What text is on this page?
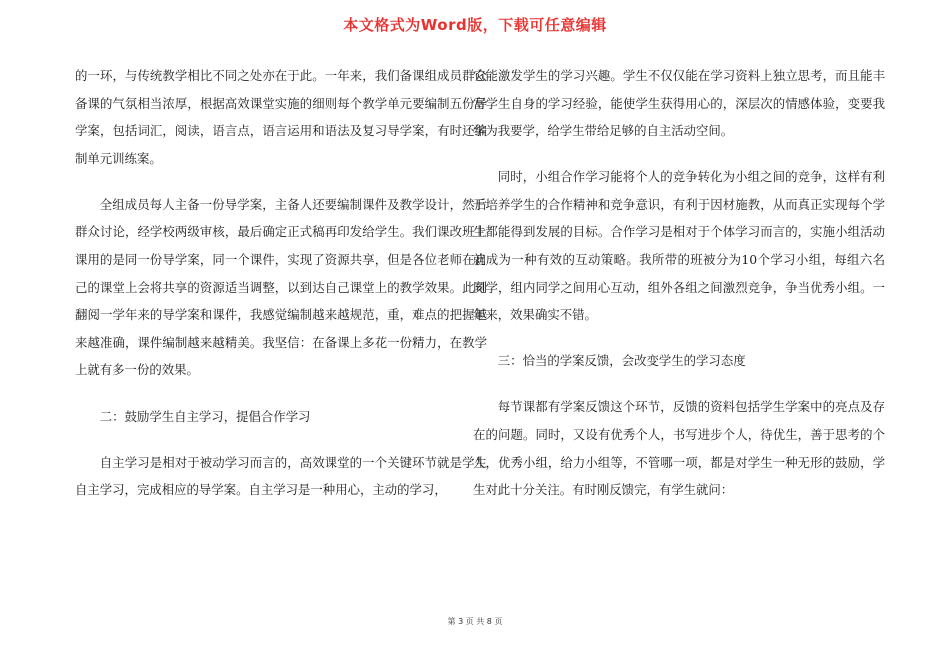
本文格式为Word版，下载可任意编辑

的一环，与传统教学相比不同之处亦在于此。一年来，我们备课组成员群众备课的气氛相当浓厚，根据高效课堂实施的细则每个教学单元要编制五份导学案，包括词汇，阅读，语言点，语言运用和语法及复习导学案，有时还编制单元训练案。

全组成员每人主备一份导学案，主备人还要编制课件及教学设计，然后群众讨论，经学校两级审核，最后确定正式稿再印发给学生。我们课改班上课用的是同一份导学案，同一个课件，实现了资源共享，但是各位老师在自己的课堂上会将共享的资源适当调整，以到达自己课堂上的教学效果。此刻翻阅一学年来的导学案和课件，我感觉编制越来越规范，重，难点的把握越来越准确，课件编制越来越精美。我坚信：在备课上多花一份精力，在教学上就有多一份的效果。

二：鼓励学生自主学习，提倡合作学习

自主学习是相对于被动学习而言的，高效课堂的一个关键环节就是学生自主学习，完成相应的导学案。自主学习是一种用心，主动的学习，

它能激发学生的学习兴趣。学生不仅仅能在学习资料上独立思考，而且能丰富学生自身的学习经验，能使学生获得用心的，深层次的情感体验，变要我学为我要学，给学生带给足够的自主活动空间。

同时，小组合作学习能将个人的竞争转化为小组之间的竞争，这样有利于培养学生的合作精神和竞争意识，有利于因材施教，从而真正实现每个学生都能得到发展的目标。合作学习是相对于个体学习而言的，实施小组活动就成为一种有效的互动策略。我所带的班被分为10个学习小组，每组六名同学，组内同学之间用心互动，组外各组之间激烈竞争，争当优秀小组。一年来，效果确实不错。

三：恰当的学案反馈，会改变学生的学习态度

每节课都有学案反馈这个环节，反馈的资料包括学生学案中的亮点及存在的问题。同时，又设有优秀个人，书写进步个人，待优生，善于思考的个人，优秀小组，给力小组等，不管哪一项，都是对学生一种无形的鼓励，学生对此十分关注。有时刚反馈完，有学生就问：

第 3 页 共 8 页
